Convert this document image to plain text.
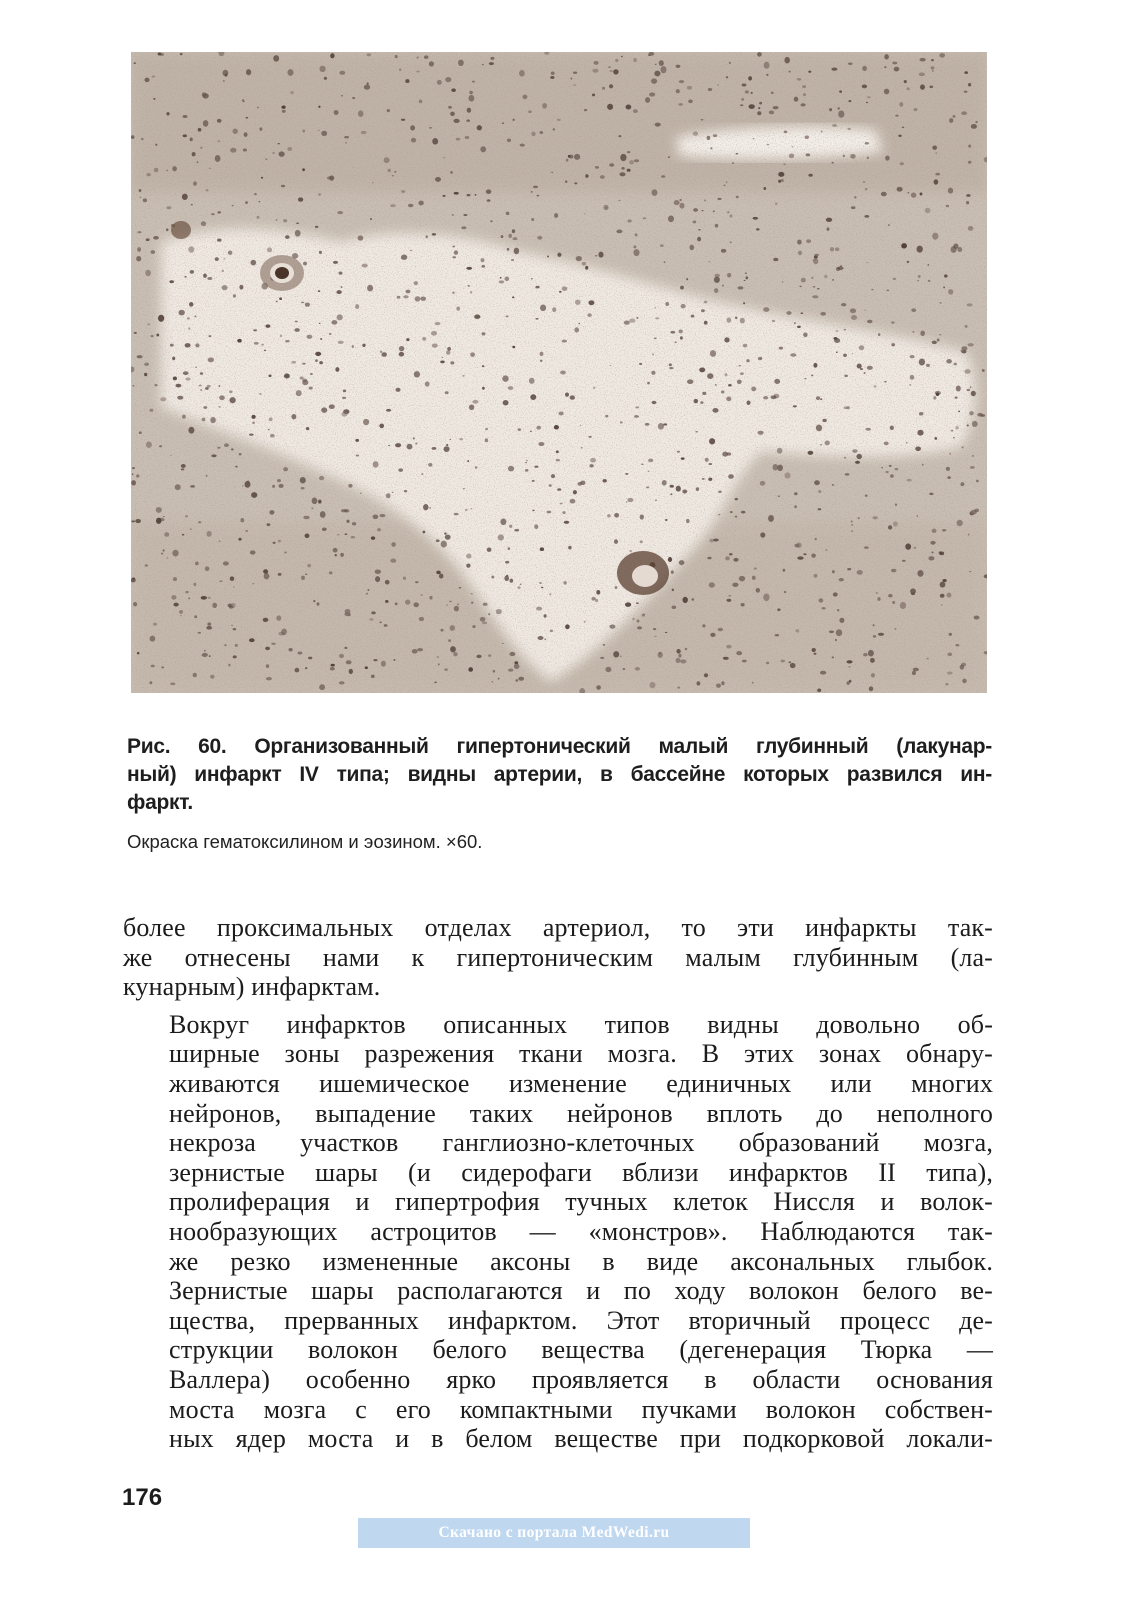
Рис. 60. Организованный гипертонический малый глубинный (лакунар-
ный) инфаркт IV типа; видны артерии, в бассейне которых развился ин-
фаркт.
Окраска гематоксилином и эозином. ×60.

более проксимальных отделах артериол, то эти инфаркты так-
же отнесены нами к гипертоническим малым глубинным (ла-
кунарным) инфарктам.

Вокруг инфарктов описанных типов видны довольно об-
ширные зоны разрежения ткани мозга. В этих зонах обнару-
живаются ишемическое изменение единичных или многих
нейронов, выпадение таких нейронов вплоть до неполного
некроза участков ганглиозно-клеточных образований мозга,
зернистые шары (и сидерофаги вблизи инфарктов II типа),
пролиферация и гипертрофия тучных клеток Ниссля и волок-
нообразующих астроцитов — «монстров». Наблюдаются так-
же резко измененные аксоны в виде аксональных глыбок.
Зернистые шары располагаются и по ходу волокон белого ве-
щества, прерванных инфарктом. Этот вторичный процесс де-
струкции волокон белого вещества (дегенерация Тюрка —
Валлера) особенно ярко проявляется в области основания
моста мозга с его компактными пучками волокон собствен-
ных ядер моста и в белом веществе при подкорковой локали-

176
Скачано с портала MedWedi.ru
